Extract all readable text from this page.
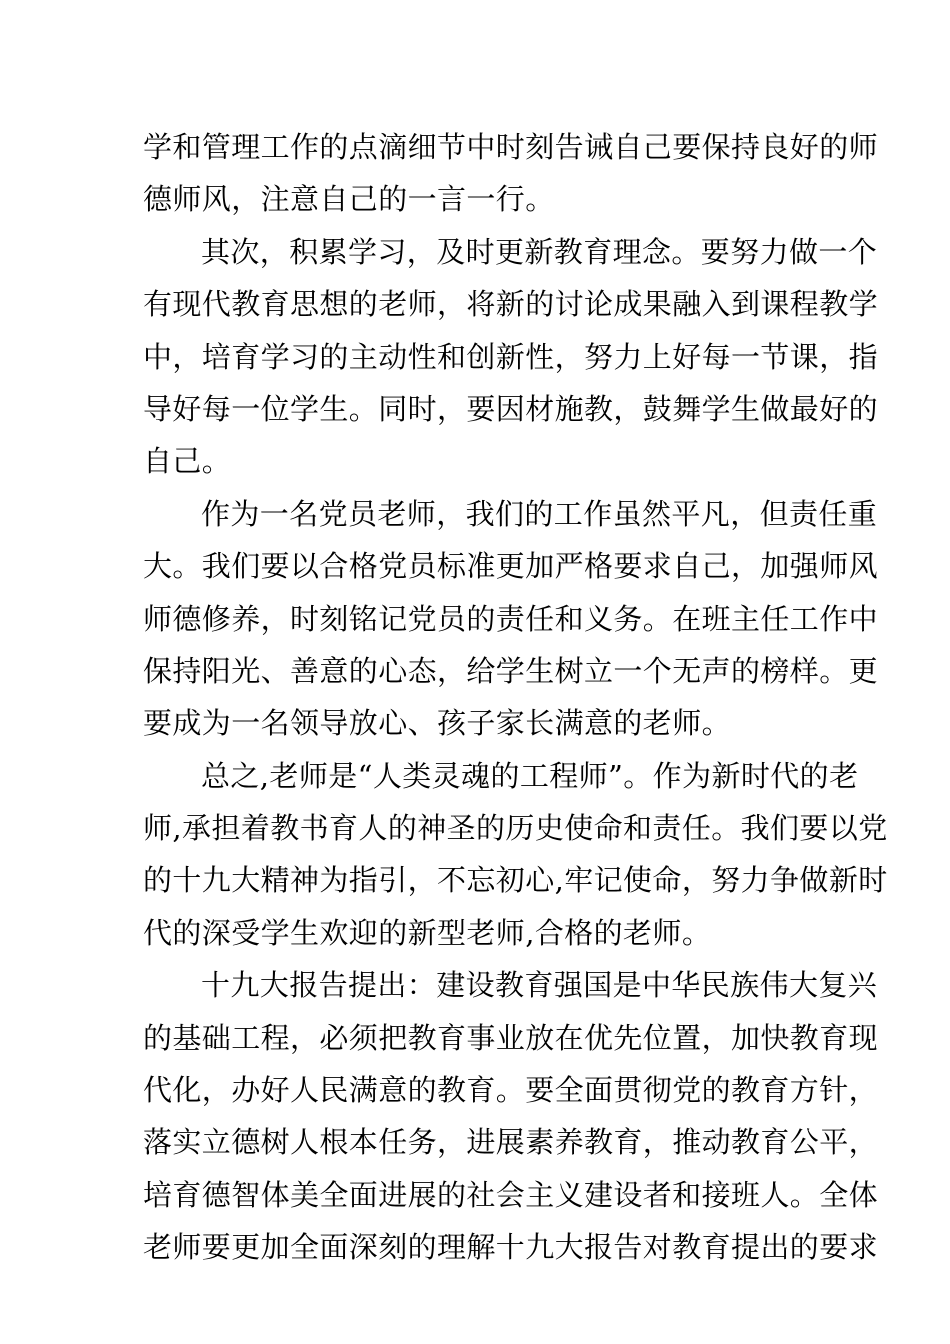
学和管理工作的点滴细节中时刻告诫自己要保持良好的师
德师风，注意自己的一言一行。
其次，积累学习，及时更新教育理念。要努力做一个
有现代教育思想的老师，将新的讨论成果融入到课程教学
中，培育学习的主动性和创新性，努力上好每一节课，指
导好每一位学生。同时，要因材施教，鼓舞学生做最好的
自己。
作为一名党员老师，我们的工作虽然平凡，但责任重
大。我们要以合格党员标准更加严格要求自己，加强师风
师德修养，时刻铭记党员的责任和义务。在班主任工作中
保持阳光、善意的心态，给学生树立一个无声的榜样。更
要成为一名领导放心、孩子家长满意的老师。
总之,老师是“人类灵魂的工程师”。作为新时代的老
师,承担着教书育人的神圣的历史使命和责任。我们要以党
的十九大精神为指引，不忘初心,牢记使命，努力争做新时
代的深受学生欢迎的新型老师,合格的老师。
十九大报告提出：建设教育强国是中华民族伟大复兴
的基础工程，必须把教育事业放在优先位置，加快教育现
代化，办好人民满意的教育。要全面贯彻党的教育方针，
落实立德树人根本任务，进展素养教育，推动教育公平，
培育德智体美全面进展的社会主义建设者和接班人。全体
老师要更加全面深刻的理解十九大报告对教育提出的要求
